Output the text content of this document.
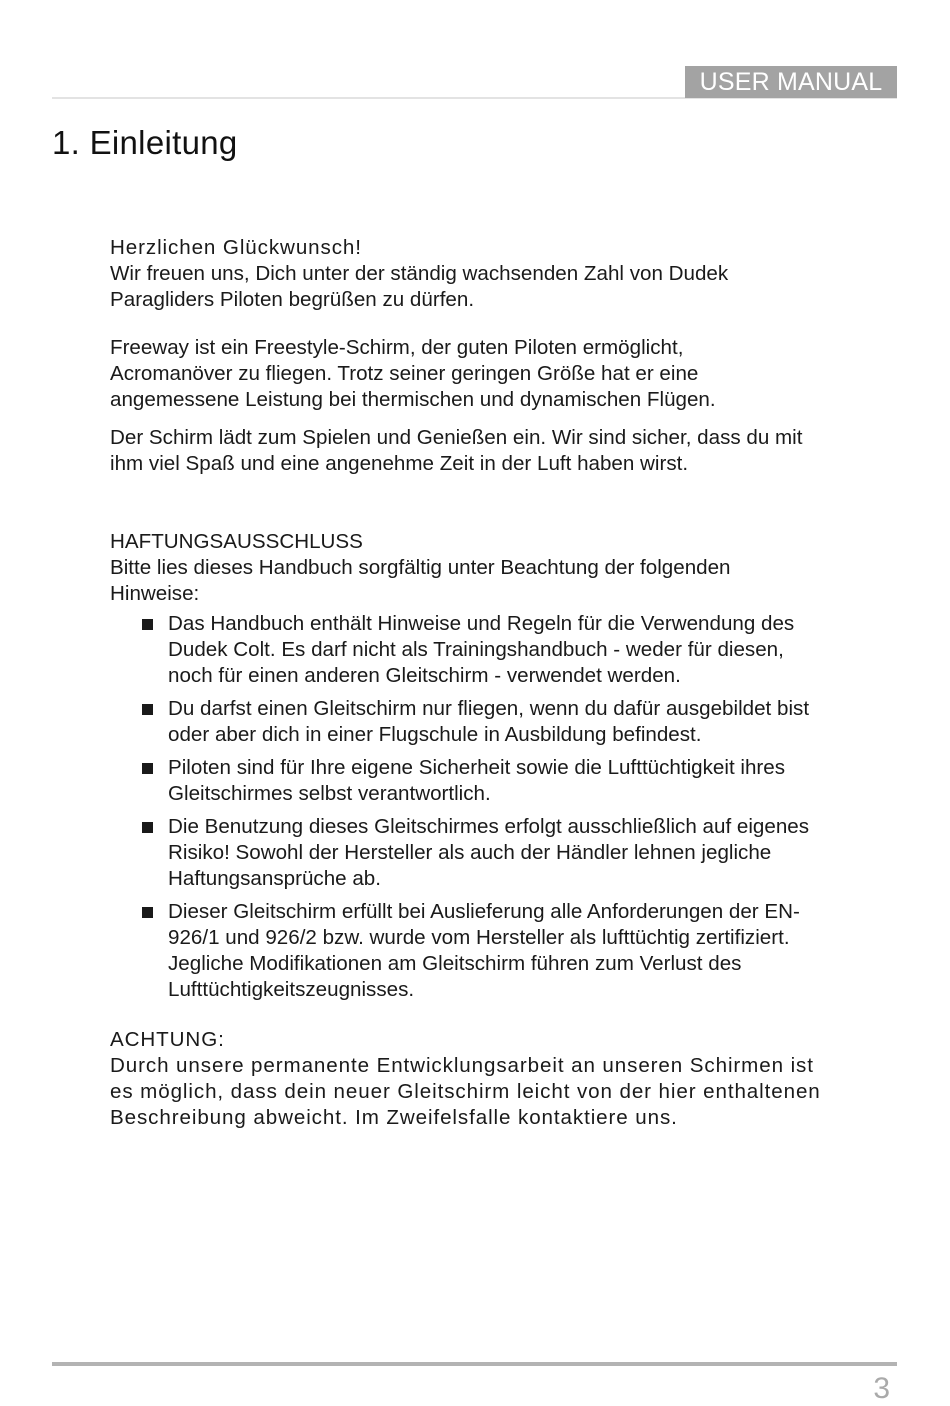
USER MANUAL
1. Einleitung

Herzlichen Glückwunsch!
Wir freuen uns, Dich unter der ständig wachsenden Zahl von Dudek
Paragliders Piloten begrüßen zu dürfen.

Freeway ist ein Freestyle-Schirm, der guten Piloten ermöglicht,
Acromanöver zu fliegen. Trotz seiner geringen Größe hat er eine
angemessene Leistung bei thermischen und dynamischen Flügen.

Der Schirm lädt zum Spielen und Genießen ein. Wir sind sicher, dass du mit
ihm viel Spaß und eine angenehme Zeit in der Luft haben wirst.

HAFTUNGSAUSSCHLUSS
Bitte lies dieses Handbuch sorgfältig unter Beachtung der folgenden
Hinweise:

Das Handbuch enthält Hinweise und Regeln für die Verwendung des
Dudek Colt. Es darf nicht als Trainingshandbuch - weder für diesen,
noch für einen anderen Gleitschirm - verwendet werden.
Du darfst einen Gleitschirm nur fliegen, wenn du dafür ausgebildet bist
oder aber dich in einer Flugschule in Ausbildung befindest.
Piloten sind für Ihre eigene Sicherheit sowie die Lufttüchtigkeit ihres
Gleitschirmes selbst verantwortlich.
Die Benutzung dieses Gleitschirmes erfolgt ausschließlich auf eigenes
Risiko! Sowohl der Hersteller als auch der Händler lehnen jegliche
Haftungsansprüche ab.
Dieser Gleitschirm erfüllt bei Auslieferung alle Anforderungen der EN-
926/1 und 926/2 bzw. wurde vom Hersteller als lufttüchtig zertifiziert.
Jegliche Modifikationen am Gleitschirm führen zum Verlust des
Lufttüchtigkeitszeugnisses.

ACHTUNG:
Durch unsere permanente Entwicklungsarbeit an unseren Schirmen ist
es möglich, dass dein neuer Gleitschirm leicht von der hier enthaltenen
Beschreibung abweicht. Im Zweifelsfalle kontaktiere uns.

3
